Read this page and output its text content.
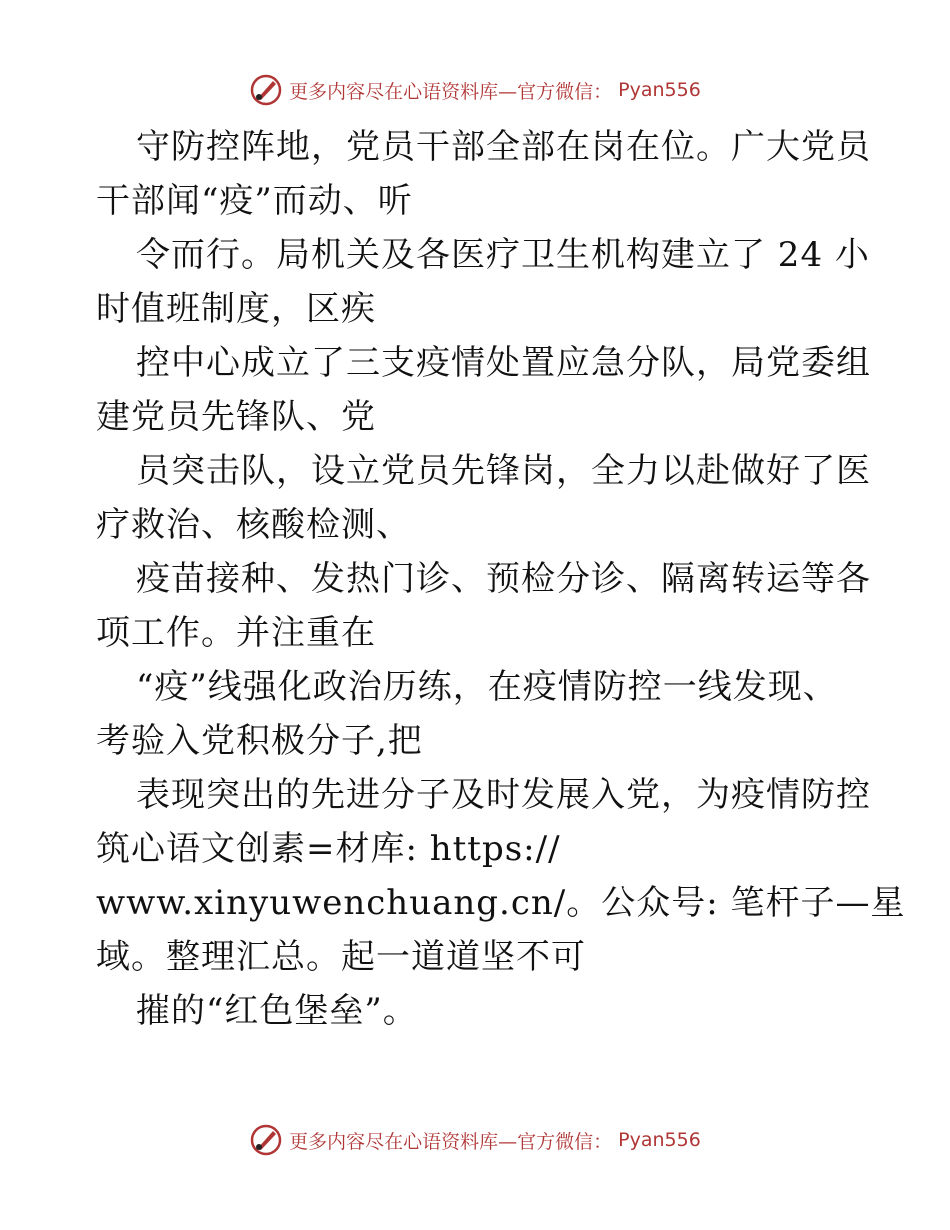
更多内容尽在心语资料库—官方微信： Pyan556
守防控阵地，党员干部全部在岗在位。广大党员
干部闻“疫”而动、听
令而行。局机关及各医疗卫生机构建立了 24 小
时值班制度，区疾
控中心成立了三支疫情处置应急分队，局党委组
建党员先锋队、党
员突击队，设立党员先锋岗，全力以赴做好了医
疗救治、核酸检测、
疫苗接种、发热门诊、预检分诊、隔离转运等各
项工作。并注重在
“疫”线强化政治历练，在疫情防控一线发现、
考验入党积极分子,把
表现突出的先进分子及时发展入党，为疫情防控
筑心语文创素=材库: https://
www.xinyuwenchuang.cn/。公众号: 笔杆子—星
域。整理汇总。起一道道坚不可
摧的“红色堡垒”。
更多内容尽在心语资料库—官方微信： Pyan556
